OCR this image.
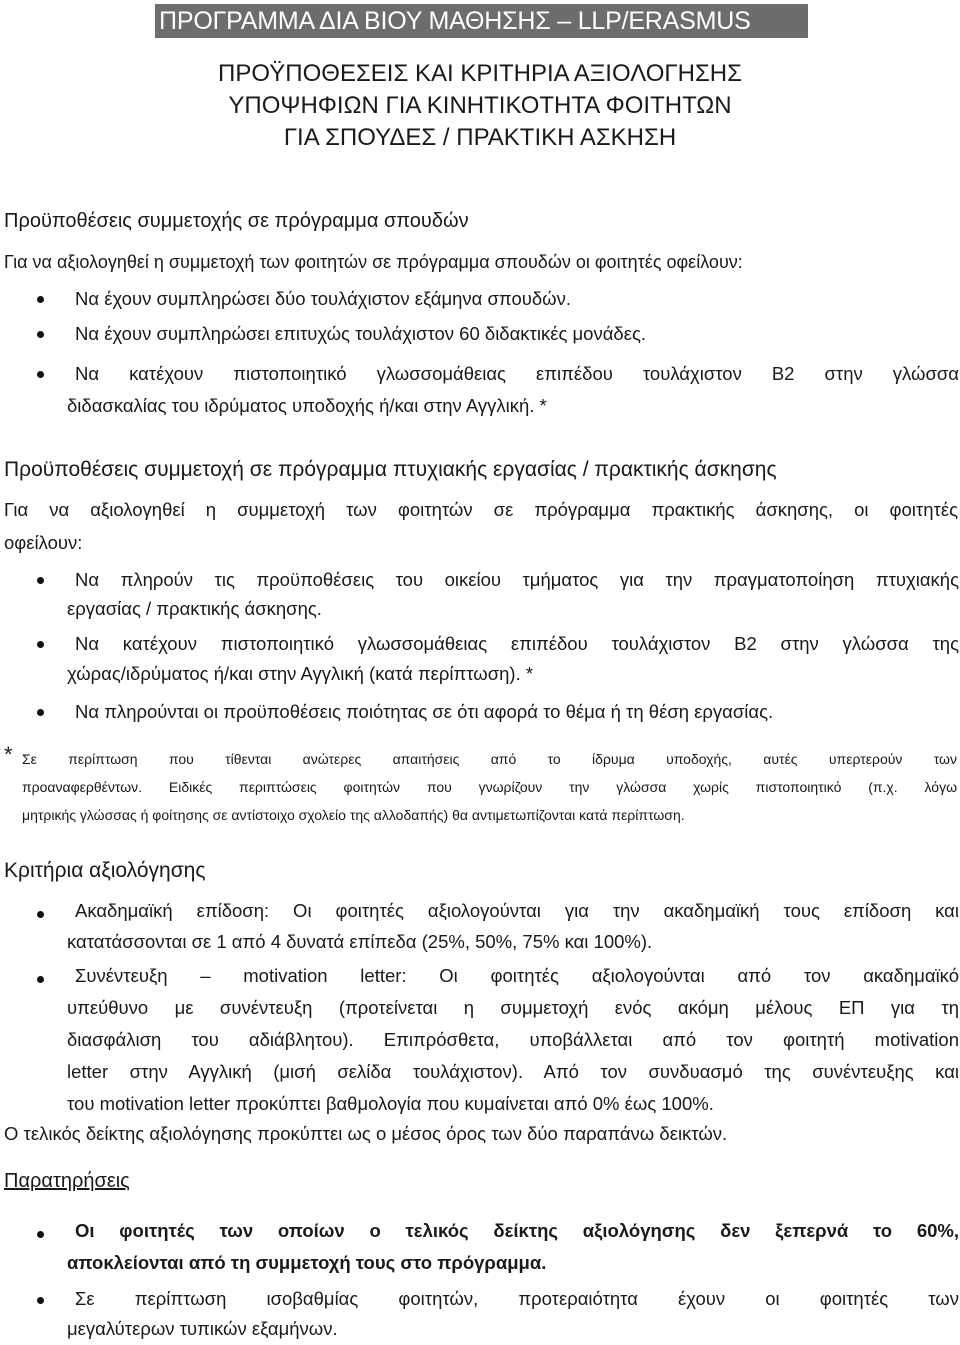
ΠΡΟΓΡΑΜΜΑ ΔΙΑ ΒΙΟΥ ΜΑΘΗΣΗΣ – LLP/ERASMUS
ΠΡΟΫΠΟΘΕΣΕΙΣ ΚΑΙ ΚΡΙΤΗΡΙΑ ΑΞΙΟΛΟΓΗΣΗΣ
ΥΠΟΨΗΦΙΩΝ ΓΙΑ ΚΙΝΗΤΙΚΟΤΗΤΑ ΦΟΙΤΗΤΩΝ
ΓΙΑ ΣΠΟΥΔΕΣ / ΠΡΑΚΤΙΚΗ ΑΣΚΗΣΗ
Προϋποθέσεις συμμετοχής σε πρόγραμμα σπουδών

Για να αξιολογηθεί η συμμετοχή των φοιτητών σε πρόγραμμα σπουδών οι φοιτητές οφείλουν:

Να έχουν συμπληρώσει δύο τουλάχιστον εξάμηνα σπουδών.
Να έχουν συμπληρώσει επιτυχώς τουλάχιστον 60 διδακτικές μονάδες.
Να κατέχουν πιστοποιητικό γλωσσομάθειας επιπέδου τουλάχιστον Β2 στην γλώσσα
διδασκαλίας του ιδρύματος υποδοχής ή/και στην Αγγλική. *
Προϋποθέσεις συμμετοχή σε πρόγραμμα πτυχιακής εργασίας / πρακτικής άσκησης

Για να αξιολογηθεί η συμμετοχή των φοιτητών σε πρόγραμμα πρακτικής άσκησης, οι φοιτητές

οφείλουν:

Να πληρούν τις προϋποθέσεις του οικείου τμήματος για την πραγματοποίηση πτυχιακής
εργασίας / πρακτικής άσκησης.
Να κατέχουν πιστοποιητικό γλωσσομάθειας επιπέδου τουλάχιστον Β2 στην γλώσσα της
χώρας/ιδρύματος ή/και στην Αγγλική (κατά περίπτωση). *
Να πληρούνται οι προϋποθέσεις ποιότητας σε ότι αφορά το θέμα ή τη θέση εργασίας.
* Σε περίπτωση που τίθενται ανώτερες απαιτήσεις από το ίδρυμα υποδοχής, αυτές υπερτερούν των
προαναφερθέντων. Ειδικές περιπτώσεις φοιτητών που γνωρίζουν την γλώσσα χωρίς πιστοποιητικό (π.χ. λόγω
μητρικής γλώσσας ή φοίτησης σε αντίστοιχο σχολείο της αλλοδαπής) θα αντιμετωπίζονται κατά περίπτωση.
Κριτήρια αξιολόγησης
Ακαδημαϊκή επίδοση: Οι φοιτητές αξιολογούνται για την ακαδημαϊκή τους επίδοση και
κατατάσσονται σε 1 από 4 δυνατά επίπεδα (25%, 50%, 75% και 100%).
Συνέντευξη – motivation letter: Οι φοιτητές αξιολογούνται από τον ακαδημαϊκό
υπεύθυνο με συνέντευξη (προτείνεται η συμμετοχή ενός ακόμη μέλους ΕΠ για τη
διασφάλιση του αδιάβλητου). Επιπρόσθετα, υποβάλλεται από τον φοιτητή motivation
letter στην Αγγλική (μισή σελίδα τουλάχιστον). Από τον συνδυασμό της συνέντευξης και
του motivation letter προκύπτει βαθμολογία που κυμαίνεται από 0% έως 100%.

Ο τελικός δείκτης αξιολόγησης προκύπτει ως ο μέσος όρος των δύο παραπάνω δεικτών.

Παρατηρήσεις
Οι φοιτητές των οποίων ο τελικός δείκτης αξιολόγησης δεν ξεπερνά το 60%,
αποκλείονται από τη συμμετοχή τους στο πρόγραμμα.
Σε περίπτωση ισοβαθμίας φοιτητών, προτεραιότητα έχουν οι φοιτητές των
μεγαλύτερων τυπικών εξαμήνων.
